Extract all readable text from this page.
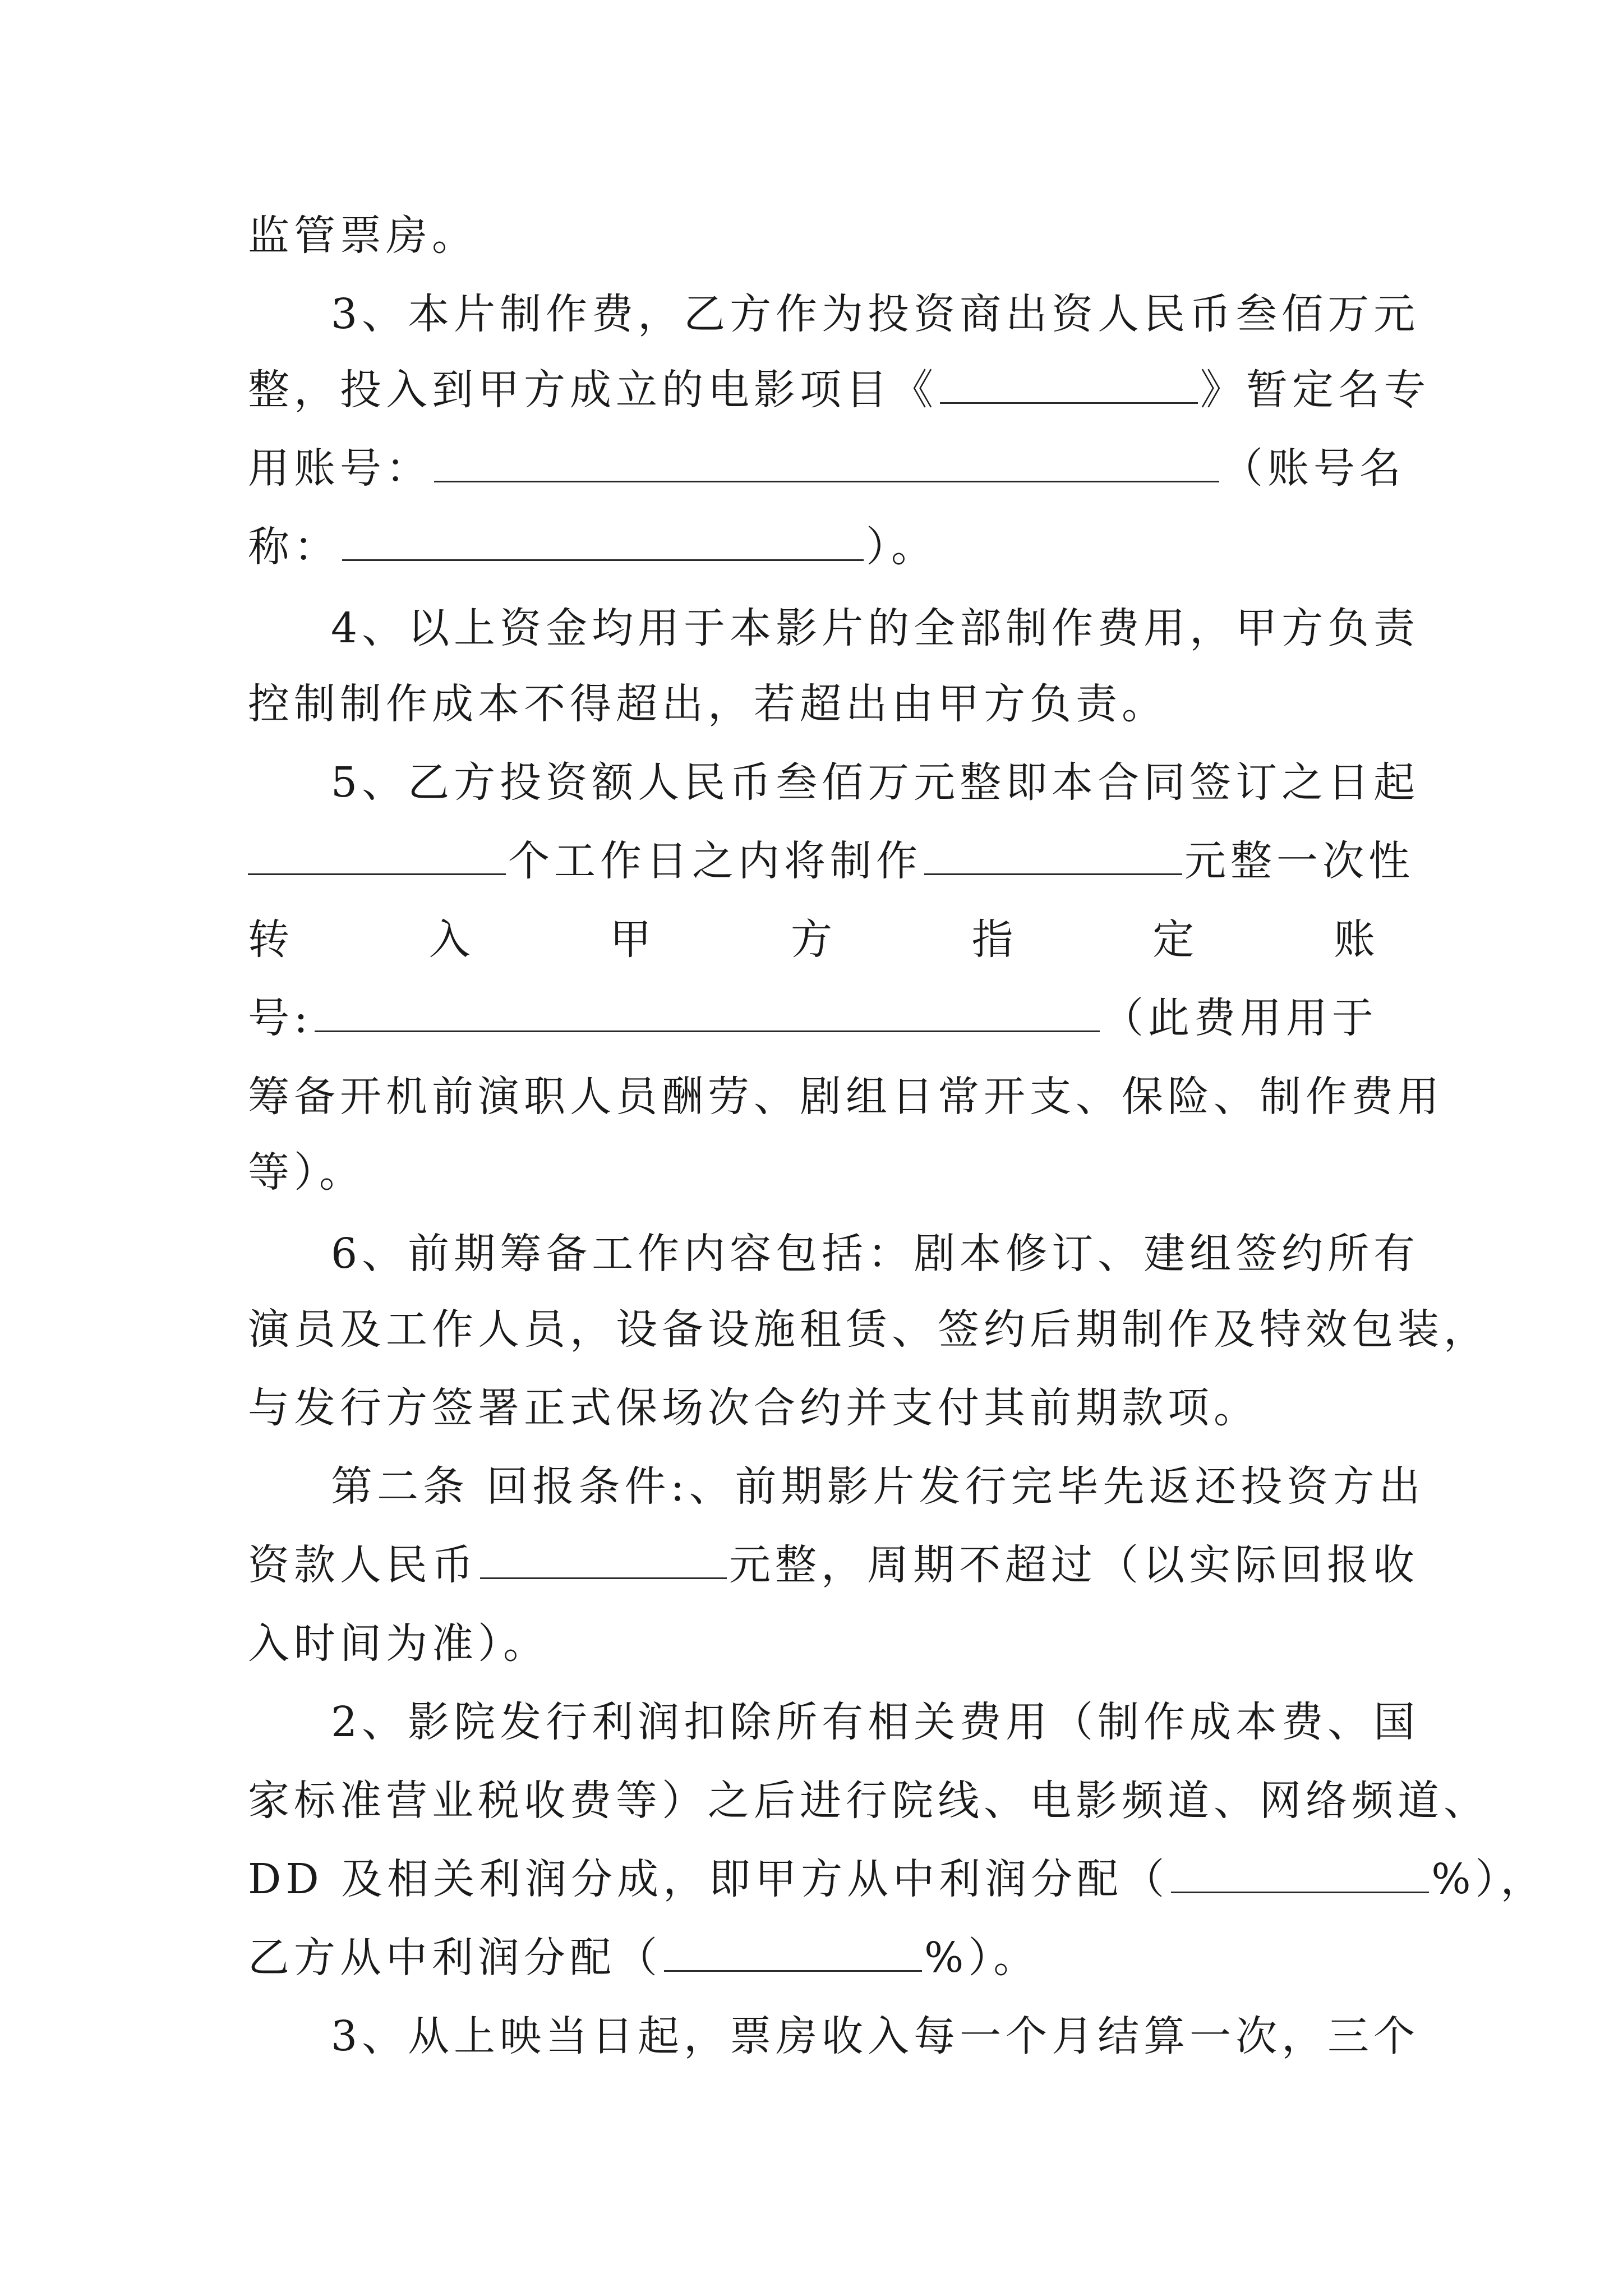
监管票房。
3、本片制作费，乙方作为投资商出资人民币叁佰万元
整，投入到甲方成立的电影项目《	》暂定名专
用账号：	（账号名
称：	）。
4、以上资金均用于本影片的全部制作费用，甲方负责
控制制作成本不得超出，若超出由甲方负责。
5、乙方投资额人民币叁佰万元整即本合同签订之日起
个工作日之内将制作	元整一次性
转	入	甲	方	指	定	账
号:	（此费用用于
筹备开机前演职人员酬劳、剧组日常开支、保险、制作费用
等）。
6、前期筹备工作内容包括：剧本修订、建组签约所有
演员及工作人员，设备设施租赁、签约后期制作及特效包装，
与发行方签署正式保场次合约并支付其前期款项。
第二条 回报条件:、前期影片发行完毕先返还投资方出
资款人民币	元整，周期不超过（以实际回报收
入时间为准）。
2、影院发行利润扣除所有相关费用（制作成本费、国
家标准营业税收费等）之后进行院线、电影频道、网络频道、
DD 及相关利润分成，即甲方从中利润分配（	%），
乙方从中利润分配（	%）。
3、从上映当日起，票房收入每一个月结算一次，三个
